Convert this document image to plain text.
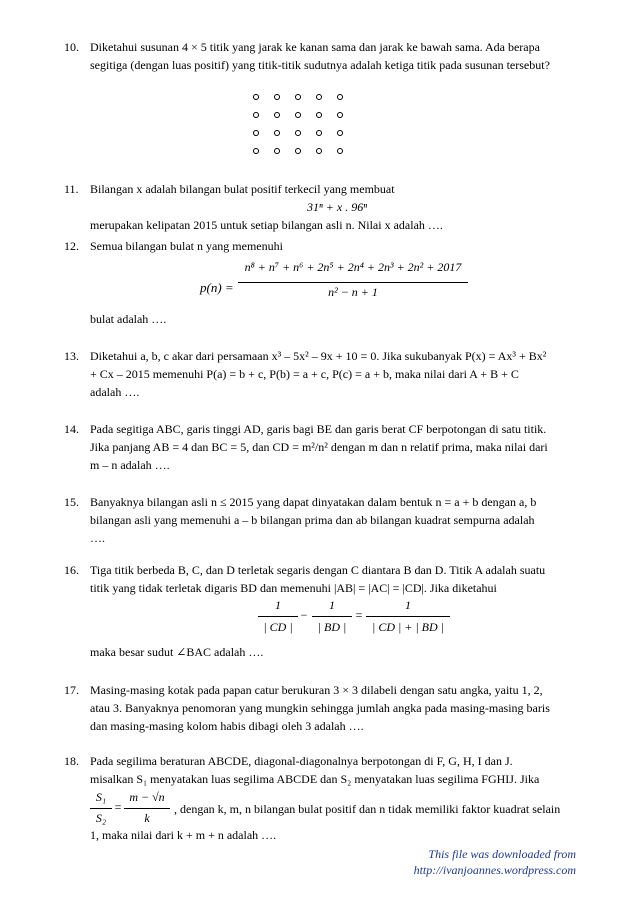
10. Diketahui susunan 4 × 5 titik yang jarak ke kanan sama dan jarak ke bawah sama. Ada berapa

segitiga (dengan luas positif) yang titik-titik sudutnya adalah ketiga titik pada susunan tersebut?

11. Bilangan x adalah bilangan bulat positif terkecil yang membuat

31ⁿ + x . 96ⁿ

merupakan kelipatan 2015 untuk setiap bilangan asli n. Nilai x adalah ….

12. Semua bilangan bulat n yang memenuhi

p(n) =
n⁸ + n⁷ + n⁶ + 2n⁵ + 2n⁴ + 2n³ + 2n² + 2017
n² − n + 1

bulat adalah ….

13. Diketahui a, b, c akar dari persamaan x³ – 5x² – 9x + 10 = 0. Jika sukubanyak P(x) = Ax³ + Bx²

+ Cx – 2015 memenuhi P(a) = b + c, P(b) = a + c, P(c) = a + b, maka nilai dari A + B + C

adalah ….

14. Pada segitiga ABC, garis tinggi AD, garis bagi BE dan garis berat CF berpotongan di satu titik.

Jika panjang AB = 4 dan BC = 5, dan CD = m²/n² dengan m dan n relatif prima, maka nilai dari

m – n adalah ….

15. Banyaknya bilangan asli n ≤ 2015 yang dapat dinyatakan dalam bentuk n = a + b dengan a, b

bilangan asli yang memenuhi a – b bilangan prima dan ab bilangan kuadrat sempurna adalah

….

16. Tiga titik berbeda B, C, dan D terletak segaris dengan C diantara B dan D. Titik A adalah suatu

titik yang tidak terletak digaris BD dan memenuhi |AB| = |AC| = |CD|. Jika diketahui

1
| CD |
−
1
| BD |
=
1
| CD | + | BD |

maka besar sudut ∠BAC adalah ….

17. Masing-masing kotak pada papan catur berukuran 3 × 3 dilabeli dengan satu angka, yaitu 1, 2,

atau 3. Banyaknya penomoran yang mungkin sehingga jumlah angka pada masing-masing baris

dan masing-masing kolom habis dibagi oleh 3 adalah ….

18. Pada segilima beraturan ABCDE, diagonal-diagonalnya berpotongan di F, G, H, I dan J.

misalkan S₁ menyatakan luas segilima ABCDE dan S₂ menyatakan luas segilima FGHIJ. Jika

S₁
S₂
=
m − √n
k
, dengan k, m, n bilangan bulat positif dan n tidak memiliki faktor kuadrat selain

1, maka nilai dari k + m + n adalah ….

This file was downloaded from
http://ivanjoannes.wordpress.com
